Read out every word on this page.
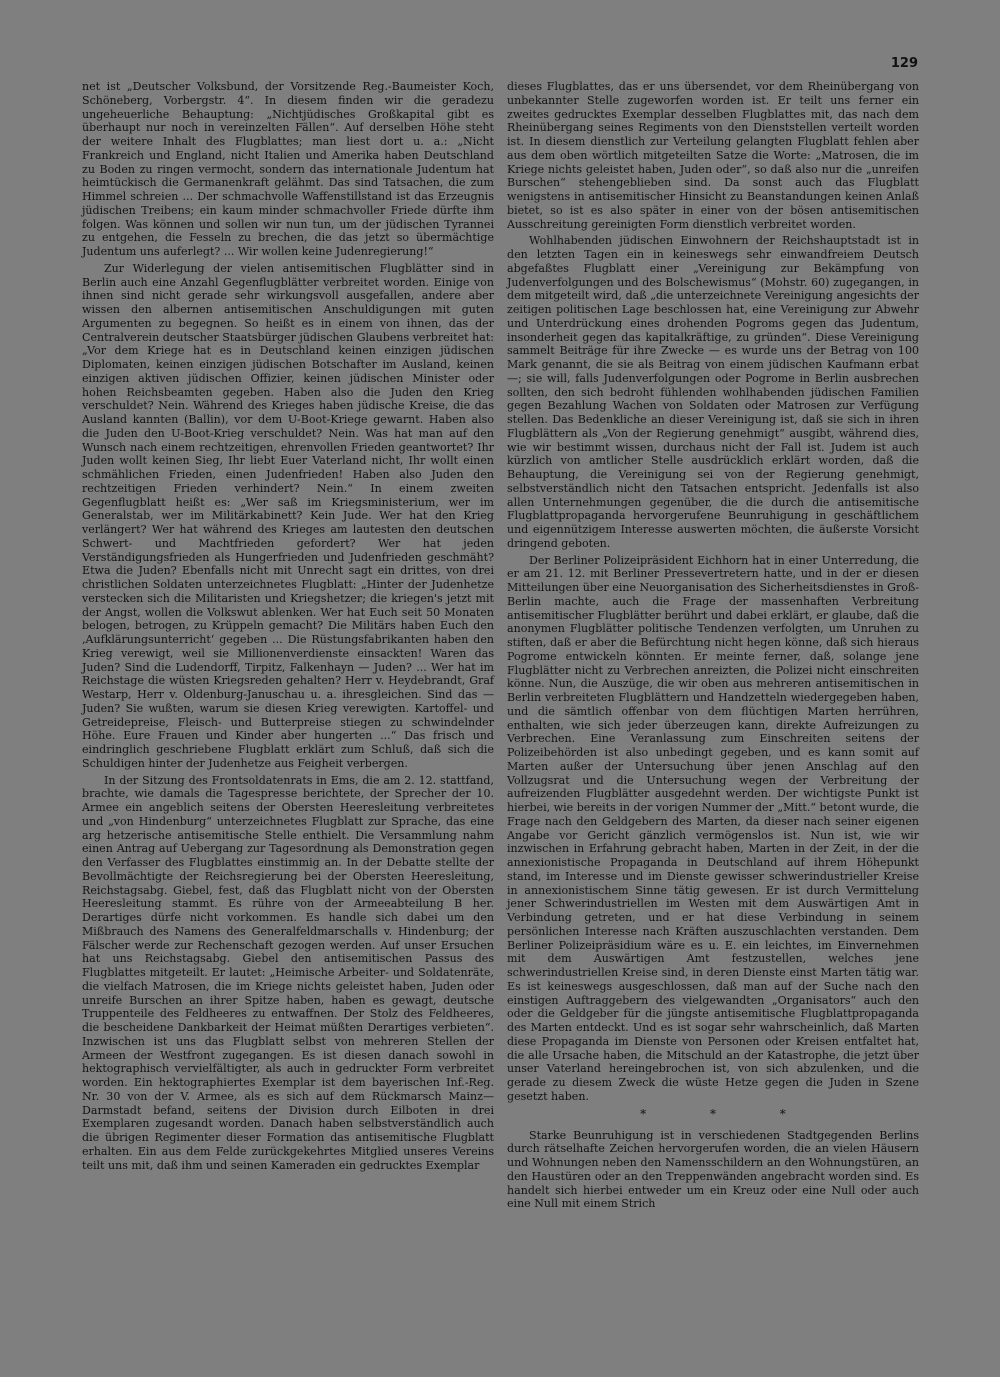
129

net ist „Deutscher Volksbund, der Vorsitzende Reg.-Baumeister Koch, Schöneberg, Vorbergstr. 4“. In diesem finden wir die geradezu ungeheuerliche Behauptung: „Nichtjüdisches Großkapital gibt es überhaupt nur noch in vereinzelten Fällen“. Auf derselben Höhe steht der weitere Inhalt des Flugblattes; man liest dort u. a.: „Nicht Frankreich und England, nicht Italien und Amerika haben Deutschland zu Boden zu ringen vermocht, sondern das internationale Judentum hat heimtückisch die Germanenkraft gelähmt. Das sind Tatsachen, die zum Himmel schreien ... Der schmachvolle Waffenstillstand ist das Erzeugnis jüdischen Treibens; ein kaum minder schmachvoller Friede dürfte ihm folgen. Was können und sollen wir nun tun, um der jüdischen Tyrannei zu entgehen, die Fesseln zu brechen, die das jetzt so übermächtige Judentum uns auferlegt? ... Wir wollen keine Judenregierung!“

Zur Widerlegung der vielen antisemitischen Flugblätter sind in Berlin auch eine Anzahl Gegenflugblätter verbreitet worden. Einige von ihnen sind nicht gerade sehr wirkungsvoll ausgefallen, andere aber wissen den albernen antisemitischen Anschuldigungen mit guten Argumenten zu begegnen. So heißt es in einem von ihnen, das der Centralverein deutscher Staatsbürger jüdischen Glaubens verbreitet hat: „Vor dem Kriege hat es in Deutschland keinen einzigen jüdischen Diplomaten, keinen einzigen jüdischen Botschafter im Ausland, keinen einzigen aktiven jüdischen Offizier, keinen jüdischen Minister oder hohen Reichsbeamten gegeben. Haben also die Juden den Krieg verschuldet? Nein. Während des Krieges haben jüdische Kreise, die das Ausland kannten (Ballin), vor dem U-Boot-Kriege gewarnt. Haben also die Juden den U-Boot-Krieg verschuldet? Nein. Was hat man auf den Wunsch nach einem rechtzeitigen, ehrenvollen Frieden geantwortet? Ihr Juden wollt keinen Sieg, Ihr liebt Euer Vaterland nicht, Ihr wollt einen schmählichen Frieden, einen Judenfrieden! Haben also Juden den rechtzeitigen Frieden verhindert? Nein.“ In einem zweiten Gegenflugblatt heißt es: „Wer saß im Kriegsministerium, wer im Generalstab, wer im Militärkabinett? Kein Jude. Wer hat den Krieg verlängert? Wer hat während des Krieges am lautesten den deutschen Schwert- und Machtfrieden gefordert? Wer hat jeden Verständigungsfrieden als Hungerfrieden und Judenfrieden geschmäht? Etwa die Juden? Ebenfalls nicht mit Unrecht sagt ein drittes, von drei christlichen Soldaten unterzeichnetes Flugblatt: „Hinter der Judenhetze verstecken sich die Militaristen und Kriegshetzer; die kriegen's jetzt mit der Angst, wollen die Volkswut ablenken. Wer hat Euch seit 50 Monaten belogen, betrogen, zu Krüppeln gemacht? Die Militärs haben Euch den ‚Aufklärungsunterricht‘ gegeben ... Die Rüstungsfabrikanten haben den Krieg verewigt, weil sie Millionenverdienste einsackten! Waren das Juden? Sind die Ludendorff, Tirpitz, Falkenhayn — Juden? ... Wer hat im Reichstage die wüsten Kriegsreden gehalten? Herr v. Heydebrandt, Graf Westarp, Herr v. Oldenburg-Januschau u. a. ihresgleichen. Sind das — Juden? Sie wußten, warum sie diesen Krieg verewigten. Kartoffel- und Getreidepreise, Fleisch- und Butterpreise stiegen zu schwindelnder Höhe. Eure Frauen und Kinder aber hungerten ...“ Das frisch und eindringlich geschriebene Flugblatt erklärt zum Schluß, daß sich die Schuldigen hinter der Judenhetze aus Feigheit verbergen.

In der Sitzung des Frontsoldatenrats in Ems, die am 2. 12. stattfand, brachte, wie damals die Tagespresse berichtete, der Sprecher der 10. Armee ein angeblich seitens der Obersten Heeresleitung verbreitetes und „von Hindenburg“ unterzeichnetes Flugblatt zur Sprache, das eine arg hetzerische antisemitische Stelle enthielt. Die Versammlung nahm einen Antrag auf Uebergang zur Tagesordnung als Demonstration gegen den Verfasser des Flugblattes einstimmig an. In der Debatte stellte der Bevollmächtigte der Reichsregierung bei der Obersten Heeresleitung, Reichstagsabg. Giebel, fest, daß das Flugblatt nicht von der Obersten Heeresleitung stammt. Es rühre von der Armeeabteilung B her. Derartiges dürfe nicht vorkommen. Es handle sich dabei um den Mißbrauch des Namens des Generalfeldmarschalls v. Hindenburg; der Fälscher werde zur Rechenschaft gezogen werden. Auf unser Ersuchen hat uns Reichstagsabg. Giebel den antisemitischen Passus des Flugblattes mitgeteilt. Er lautet: „Heimische Arbeiter- und Soldatenräte, die vielfach Matrosen, die im Kriege nichts geleistet haben, Juden oder unreife Burschen an ihrer Spitze haben, haben es gewagt, deutsche Truppenteile des Feldheeres zu entwaffnen. Der Stolz des Feldheeres, die bescheidene Dankbarkeit der Heimat müßten Derartiges verbieten“. Inzwischen ist uns das Flugblatt selbst von mehreren Stellen der Armeen der Westfront zugegangen. Es ist diesen danach sowohl in hektographisch vervielfältigter, als auch in gedruckter Form verbreitet worden. Ein hektographiertes Exemplar ist dem bayerischen Inf.-Reg. Nr. 30 von der V. Armee, als es sich auf dem Rückmarsch Mainz—Darmstadt befand, seitens der Division durch Eilboten in drei Exemplaren zugesandt worden. Danach haben selbstverständlich auch die übrigen Regimenter dieser Formation das antisemitische Flugblatt erhalten. Ein aus dem Felde zurückgekehrtes Mitglied unseres Vereins teilt uns mit, daß ihm und seinen Kameraden ein gedrucktes Exemplar

dieses Flugblattes, das er uns übersendet, vor dem Rheinübergang von unbekannter Stelle zugeworfen worden ist. Er teilt uns ferner ein zweites gedrucktes Exemplar desselben Flugblattes mit, das nach dem Rheinübergang seines Regiments von den Dienststellen verteilt worden ist. In diesem dienstlich zur Verteilung gelangten Flugblatt fehlen aber aus dem oben wörtlich mitgeteilten Satze die Worte: „Matrosen, die im Kriege nichts geleistet haben, Juden oder“, so daß also nur die „unreifen Burschen“ stehengeblieben sind. Da sonst auch das Flugblatt wenigstens in antisemitischer Hinsicht zu Beanstandungen keinen Anlaß bietet, so ist es also später in einer von der bösen antisemitischen Ausschreitung gereinigten Form dienstlich verbreitet worden.

Wohlhabenden jüdischen Einwohnern der Reichshauptstadt ist in den letzten Tagen ein in keineswegs sehr einwandfreiem Deutsch abgefaßtes Flugblatt einer „Vereinigung zur Bekämpfung von Judenverfolgungen und des Bolschewismus“ (Mohstr. 60) zugegangen, in dem mitgeteilt wird, daß „die unterzeichnete Vereinigung angesichts der zeitigen politischen Lage beschlossen hat, eine Vereinigung zur Abwehr und Unterdrückung eines drohenden Pogroms gegen das Judentum, insonderheit gegen das kapitalkräftige, zu gründen“. Diese Vereinigung sammelt Beiträge für ihre Zwecke — es wurde uns der Betrag von 100 Mark genannt, die sie als Beitrag von einem jüdischen Kaufmann erbat —; sie will, falls Judenverfolgungen oder Pogrome in Berlin ausbrechen sollten, den sich bedroht fühlenden wohlhabenden jüdischen Familien gegen Bezahlung Wachen von Soldaten oder Matrosen zur Verfügung stellen. Das Bedenkliche an dieser Vereinigung ist, daß sie sich in ihren Flugblättern als „Von der Regierung genehmigt“ ausgibt, während dies, wie wir bestimmt wissen, durchaus nicht der Fall ist. Judem ist auch kürzlich von amtlicher Stelle ausdrücklich erklärt worden, daß die Behauptung, die Vereinigung sei von der Regierung genehmigt, selbstverständlich nicht den Tatsachen entspricht. Jedenfalls ist also allen Unternehmungen gegenüber, die die durch die antisemitische Flugblattpropaganda hervorgerufene Beunruhigung in geschäftlichem und eigennützigem Interesse auswerten möchten, die äußerste Vorsicht dringend geboten.

Der Berliner Polizeipräsident Eichhorn hat in einer Unterredung, die er am 21. 12. mit Berliner Pressevertretern hatte, und in der er diesen Mitteilungen über eine Neuorganisation des Sicherheitsdienstes in Groß-Berlin machte, auch die Frage der massenhaften Verbreitung antisemitischer Flugblätter berührt und dabei erklärt, er glaube, daß die anonymen Flugblätter politische Tendenzen verfolgten, um Unruhen zu stiften, daß er aber die Befürchtung nicht hegen könne, daß sich hieraus Pogrome entwickeln könnten. Er meinte ferner, daß, solange jene Flugblätter nicht zu Verbrechen anreizten, die Polizei nicht einschreiten könne. Nun, die Auszüge, die wir oben aus mehreren antisemitischen in Berlin verbreiteten Flugblättern und Handzetteln wiedergegeben haben, und die sämtlich offenbar von dem flüchtigen Marten herrühren, enthalten, wie sich jeder überzeugen kann, direkte Aufreizungen zu Verbrechen. Eine Veranlassung zum Einschreiten seitens der Polizeibehörden ist also unbedingt gegeben, und es kann somit auf Marten außer der Untersuchung über jenen Anschlag auf den Vollzugsrat und die Untersuchung wegen der Verbreitung der aufreizenden Flugblätter ausgedehnt werden. Der wichtigste Punkt ist hierbei, wie bereits in der vorigen Nummer der „Mitt.“ betont wurde, die Frage nach den Geldgebern des Marten, da dieser nach seiner eigenen Angabe vor Gericht gänzlich vermögenslos ist. Nun ist, wie wir inzwischen in Erfahrung gebracht haben, Marten in der Zeit, in der die annexionistische Propaganda in Deutschland auf ihrem Höhepunkt stand, im Interesse und im Dienste gewisser schwerindustrieller Kreise in annexionistischem Sinne tätig gewesen. Er ist durch Vermittelung jener Schwerindustriellen im Westen mit dem Auswärtigen Amt in Verbindung getreten, und er hat diese Verbindung in seinem persönlichen Interesse nach Kräften auszuschlachten verstanden. Dem Berliner Polizeipräsidium wäre es u. E. ein leichtes, im Einvernehmen mit dem Auswärtigen Amt festzustellen, welches jene schwerindustriellen Kreise sind, in deren Dienste einst Marten tätig war. Es ist keineswegs ausgeschlossen, daß man auf der Suche nach den einstigen Auftraggebern des vielgewandten „Organisators“ auch den oder die Geldgeber für die jüngste antisemitische Flugblattpropaganda des Marten entdeckt. Und es ist sogar sehr wahrscheinlich, daß Marten diese Propaganda im Dienste von Personen oder Kreisen entfaltet hat, die alle Ursache haben, die Mitschuld an der Katastrophe, die jetzt über unser Vaterland hereingebrochen ist, von sich abzulenken, und die gerade zu diesem Zweck die wüste Hetze gegen die Juden in Szene gesetzt haben.

* * *

Starke Beunruhigung ist in verschiedenen Stadtgegenden Berlins durch rätselhafte Zeichen hervorgerufen worden, die an vielen Häusern und Wohnungen neben den Namensschildern an den Wohnungstüren, an den Haustüren oder an den Treppenwänden angebracht worden sind. Es handelt sich hierbei entweder um ein Kreuz oder eine Null oder auch eine Null mit einem Strich
